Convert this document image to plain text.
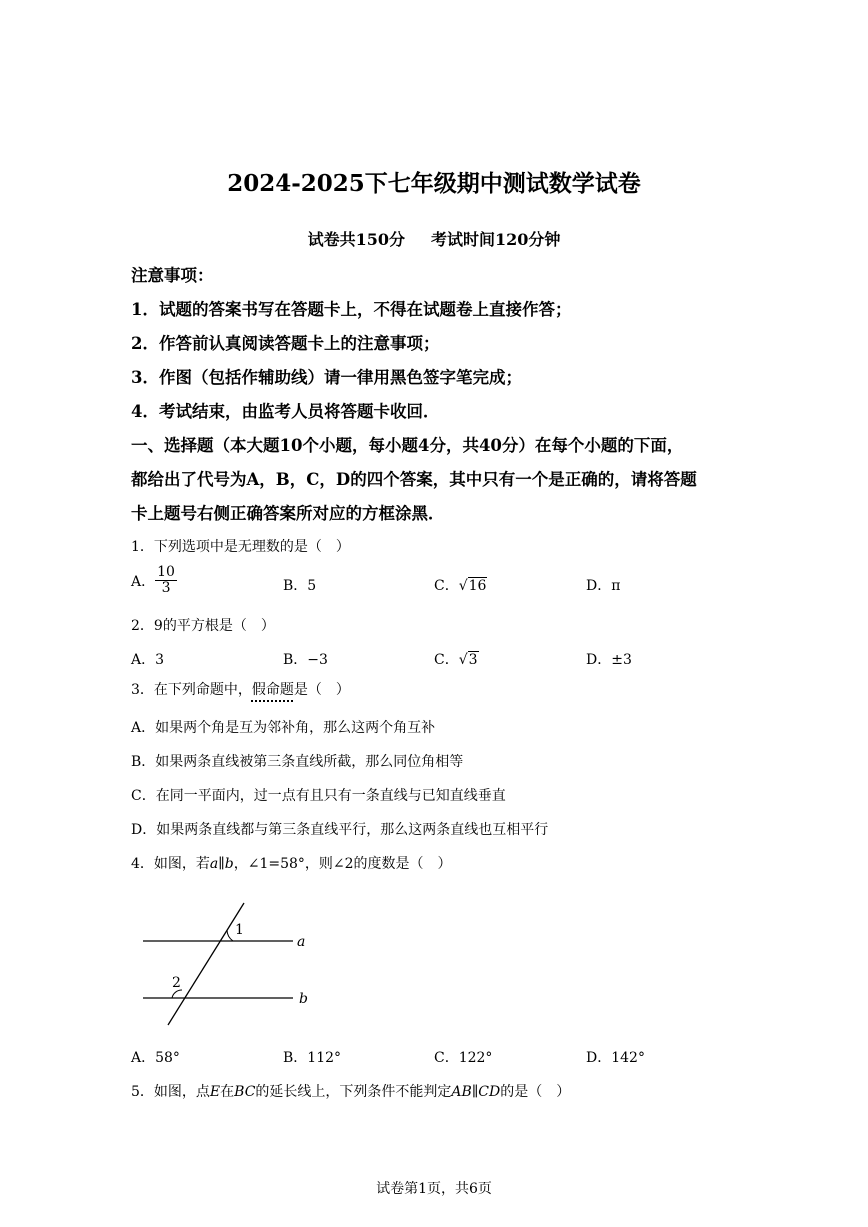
2024-2025下七年级期中测试数学试卷
试卷共150分 考试时间120分钟
注意事项：
1．试题的答案书写在答题卡上，不得在试题卷上直接作答；
2．作答前认真阅读答题卡上的注意事项；
3．作图（包括作辅助线）请一律用黑色签字笔完成；
4．考试结束，由监考人员将答题卡收回．
一、选择题（本大题10个小题，每小题4分，共40分）在每个小题的下面，
都给出了代号为A，B，C，D的四个答案，其中只有一个是正确的，请将答题
卡上题号右侧正确答案所对应的方框涂黑．
1．下列选项中是无理数的是（　）
A． $\frac{10}{3}$	B．5	C．√16	D．π
2．9的平方根是（　）
A．3	B．−3	C．√3	D．±3
3．在下列命题中，假命题是（　）
A．如果两个角是互为邻补角，那么这两个角互补
B．如果两条直线被第三条直线所截，那么同位角相等
C．在同一平面内，过一点有且只有一条直线与已知直线垂直
D．如果两条直线都与第三条直线平行，那么这两条直线也互相平行
4．如图，若a∥b，∠1=58°，则∠2的度数是（　）
1
2
a
b
A．58°	B．112°	C．122°	D．142°
5．如图，点E在BC的延长线上，下列条件不能判定AB∥CD的是（　）
试卷第1页，共6页
